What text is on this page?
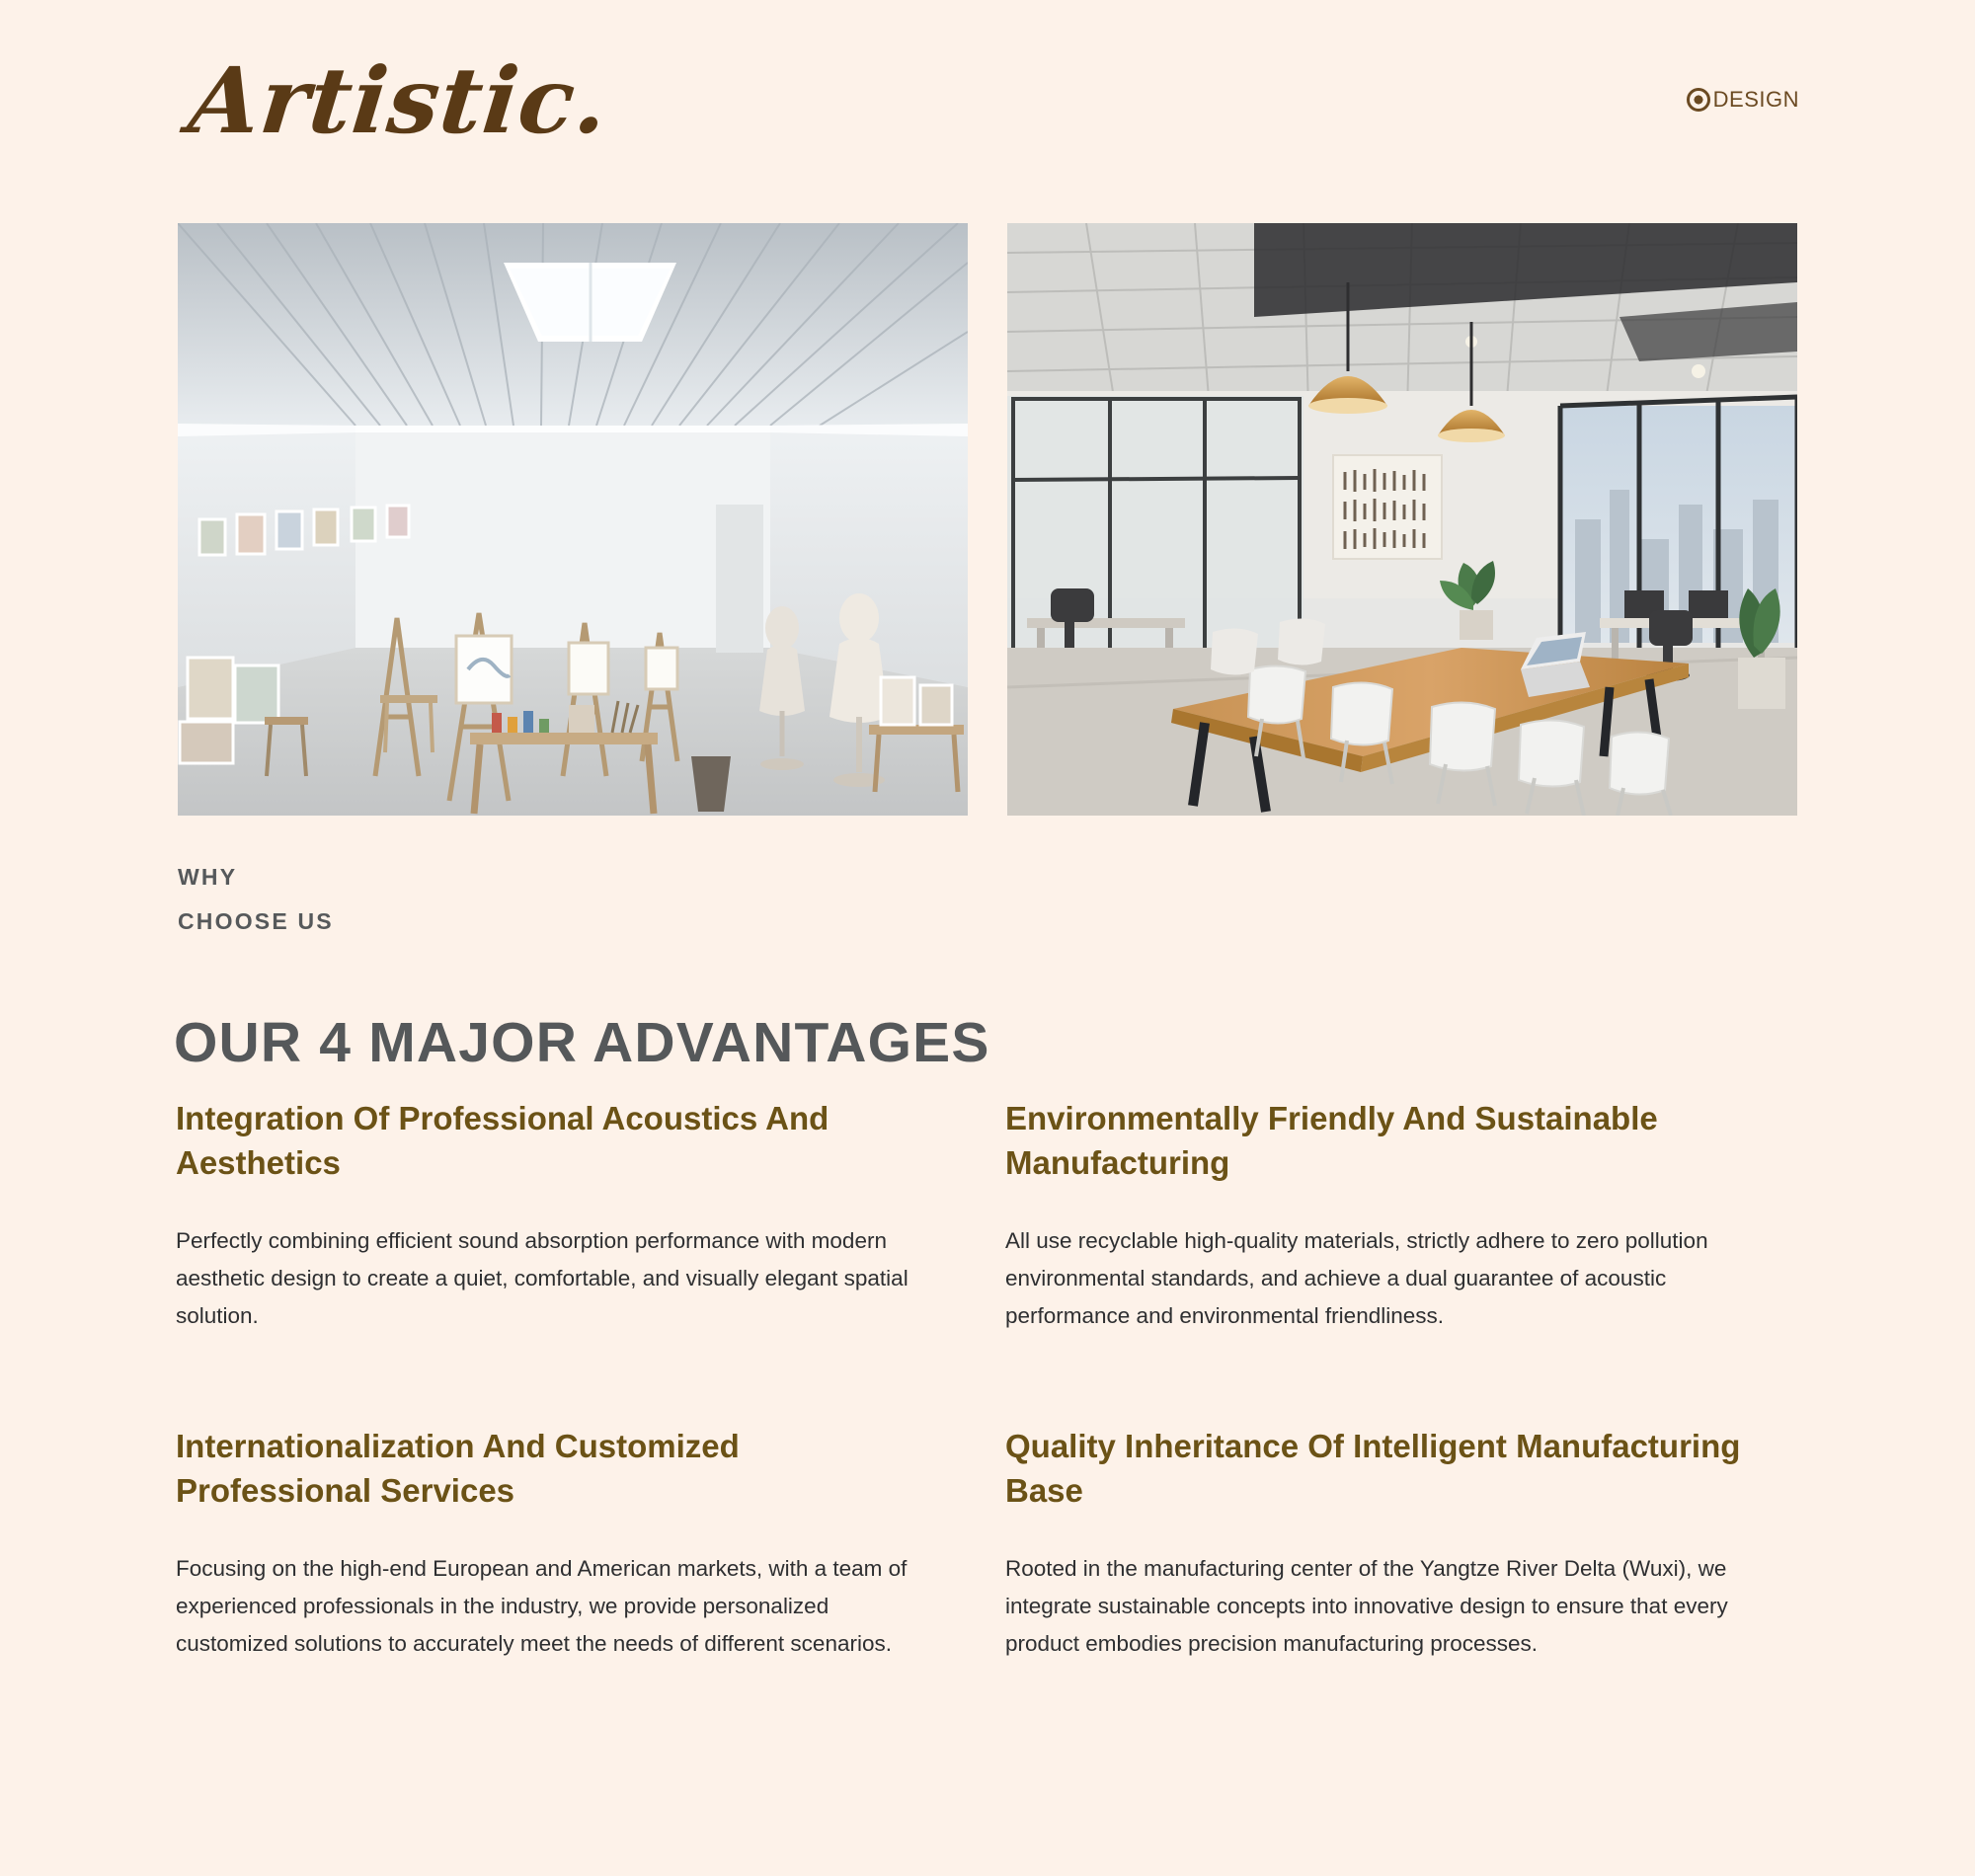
Artistic.	DESIGN
WHY
CHOOSE US
OUR 4 MAJOR ADVANTAGES
Integration Of Professional Acoustics And Aesthetics

Perfectly combining efficient sound absorption performance with modern aesthetic design to create a quiet, comfortable, and visually elegant spatial solution.

Environmentally Friendly And Sustainable Manufacturing

All use recyclable high-quality materials, strictly adhere to zero pollution environmental standards, and achieve a dual guarantee of acoustic performance and environmental friendliness.

Internationalization And Customized Professional Services

Focusing on the high-end European and American markets, with a team of experienced professionals in the industry, we provide personalized customized solutions to accurately meet the needs of different scenarios.

Quality Inheritance Of Intelligent Manufacturing Base

Rooted in the manufacturing center of the Yangtze River Delta (Wuxi), we integrate sustainable concepts into innovative design to ensure that every product embodies precision manufacturing processes.
